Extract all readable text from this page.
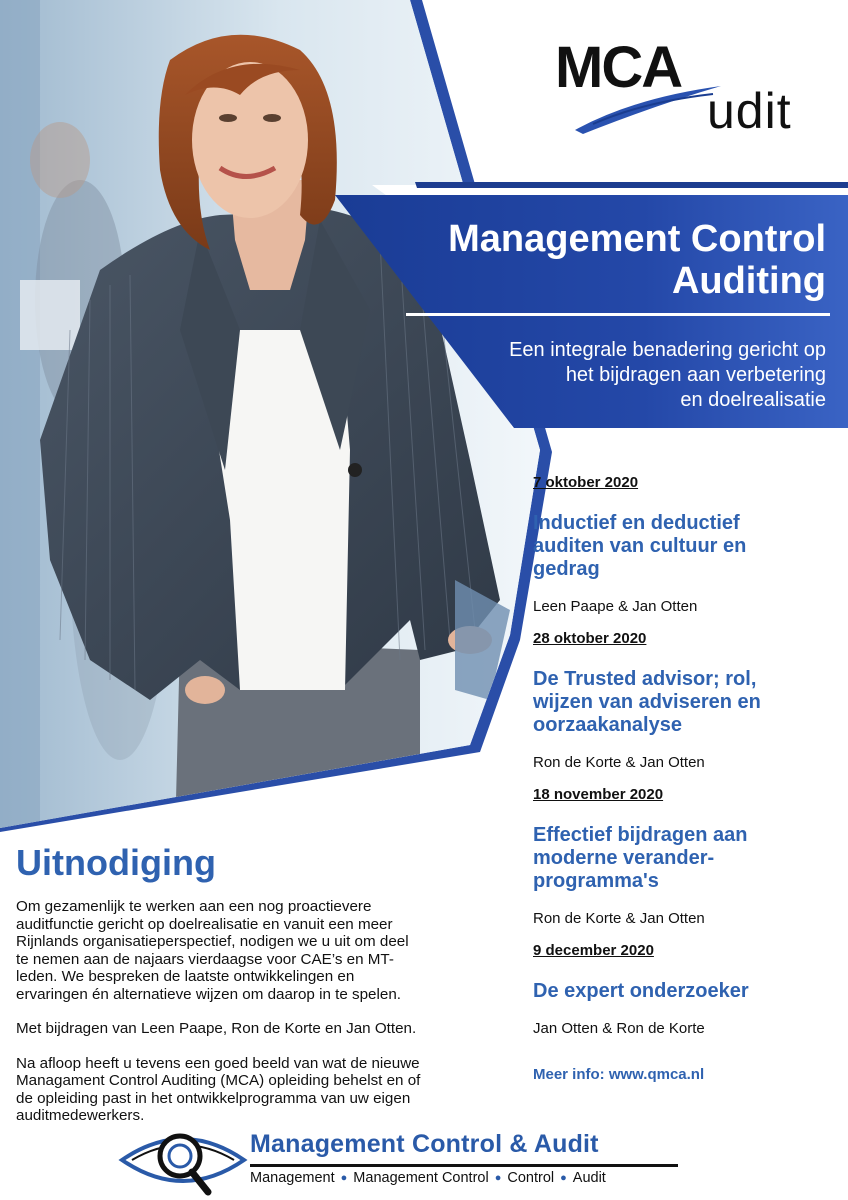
MCA
udit
Management Control
Auditing
Een integrale benadering gericht op
het bijdragen aan verbetering
en doelrealisatie
7 oktober 2020
Inductief en deductief
auditen van cultuur en
gedrag
Leen Paape & Jan Otten
28 oktober 2020
De Trusted advisor; rol,
wijzen van adviseren en
oorzaakanalyse
Ron de Korte & Jan Otten
18 november 2020
Effectief bijdragen aan
moderne verander-
programma's
Ron de Korte & Jan Otten
9 december 2020
De expert onderzoeker
Jan Otten & Ron de Korte
Meer info: www.qmca.nl
Uitnodiging

Om gezamenlijk te werken aan een nog proactievere
auditfunctie gericht op doelrealisatie en vanuit een meer
Rijnlands organisatieperspectief, nodigen we u uit om deel
te nemen aan de najaars vierdaagse voor CAE’s en MT-
leden. We bespreken de laatste ontwikkelingen en
ervaringen én alternatieve wijzen om daarop in te spelen.

Met bijdragen van Leen Paape, Ron de Korte en Jan Otten.

Na afloop heeft u tevens een goed beeld van wat de nieuwe
Managament Control Auditing (MCA) opleiding behelst en of
de opleiding past in het ontwikkelprogramma van uw eigen
auditmedewerkers.

Management Control & Audit
Management ● Management Control ● Control ● Audit
